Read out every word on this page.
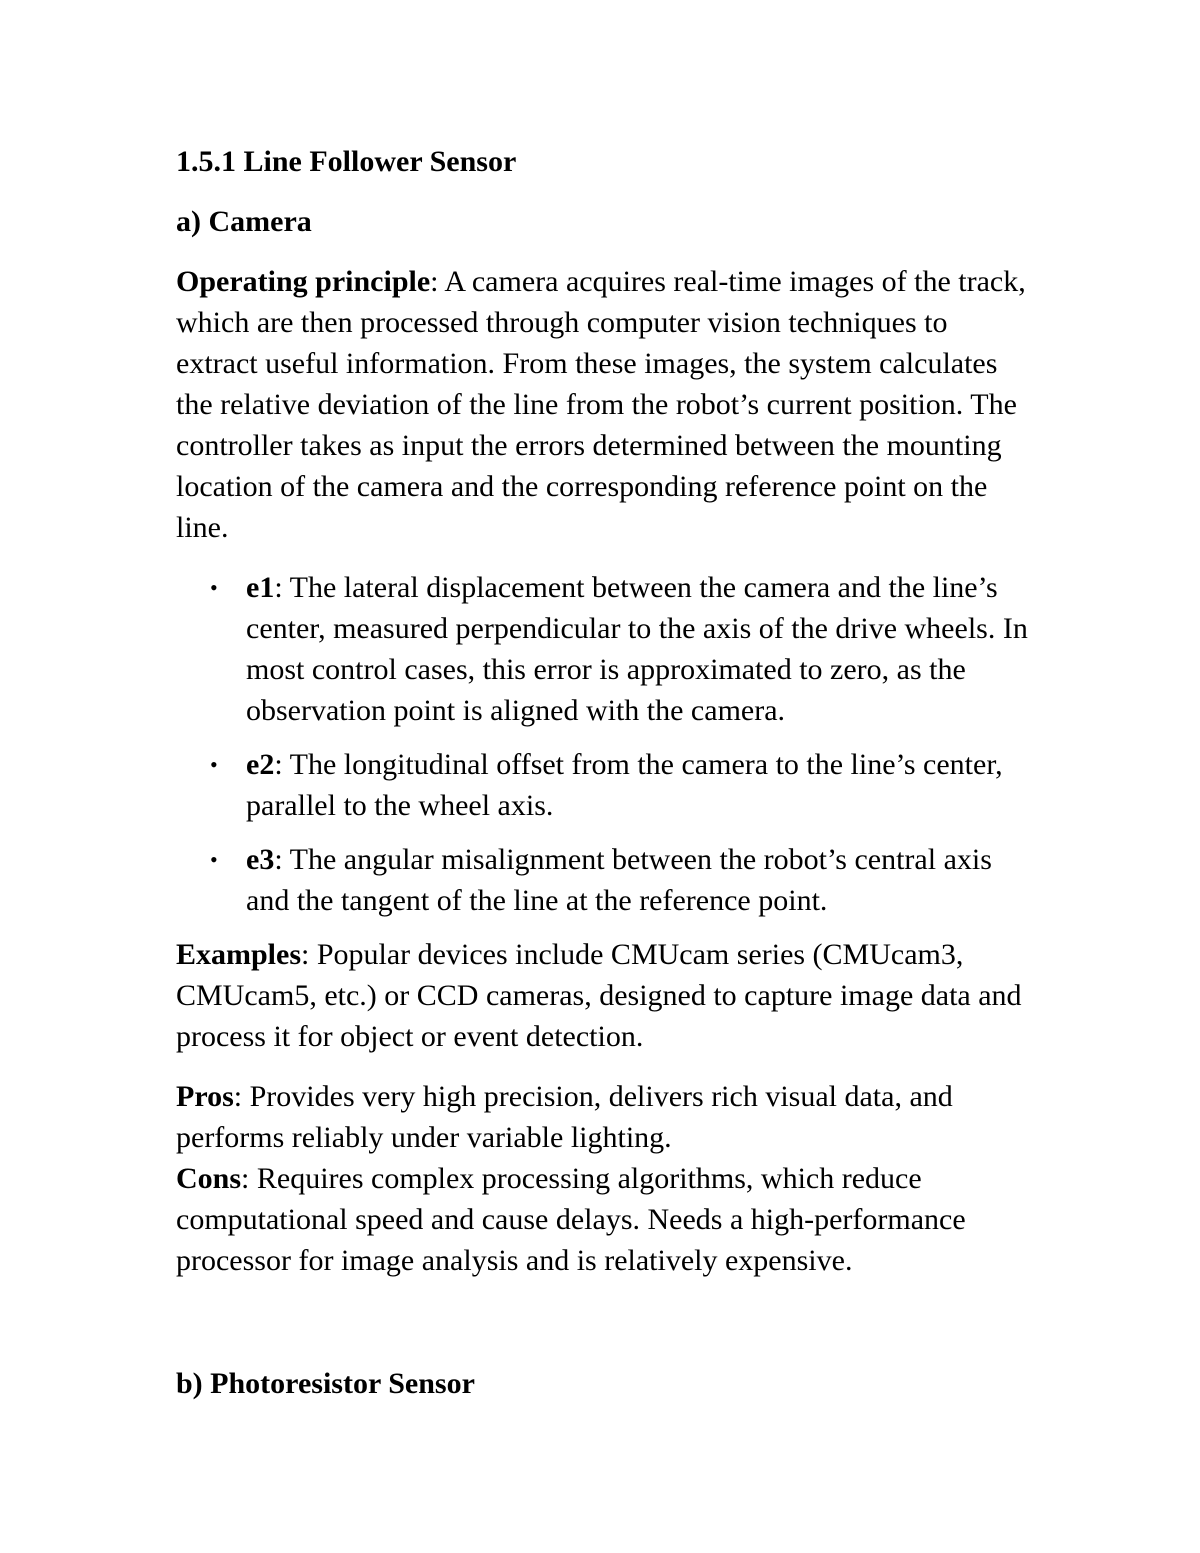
1.5.1 Line Follower Sensor

a) Camera

Operating principle: A camera acquires real-time images of the track, which are then processed through computer vision techniques to extract useful information. From these images, the system calculates the relative deviation of the line from the robot’s current position. The controller takes as input the errors determined between the mounting location of the camera and the corresponding reference point on the line.

• e1: The lateral displacement between the camera and the line’s center, measured perpendicular to the axis of the drive wheels. In most control cases, this error is approximated to zero, as the observation point is aligned with the camera.
• e2: The longitudinal offset from the camera to the line’s center, parallel to the wheel axis.
• e3: The angular misalignment between the robot’s central axis and the tangent of the line at the reference point.

Examples: Popular devices include CMUcam series (CMUcam3, CMUcam5, etc.) or CCD cameras, designed to capture image data and process it for object or event detection.

Pros: Provides very high precision, delivers rich visual data, and performs reliably under variable lighting.

Cons: Requires complex processing algorithms, which reduce computational speed and cause delays. Needs a high-performance processor for image analysis and is relatively expensive.

b) Photoresistor Sensor
